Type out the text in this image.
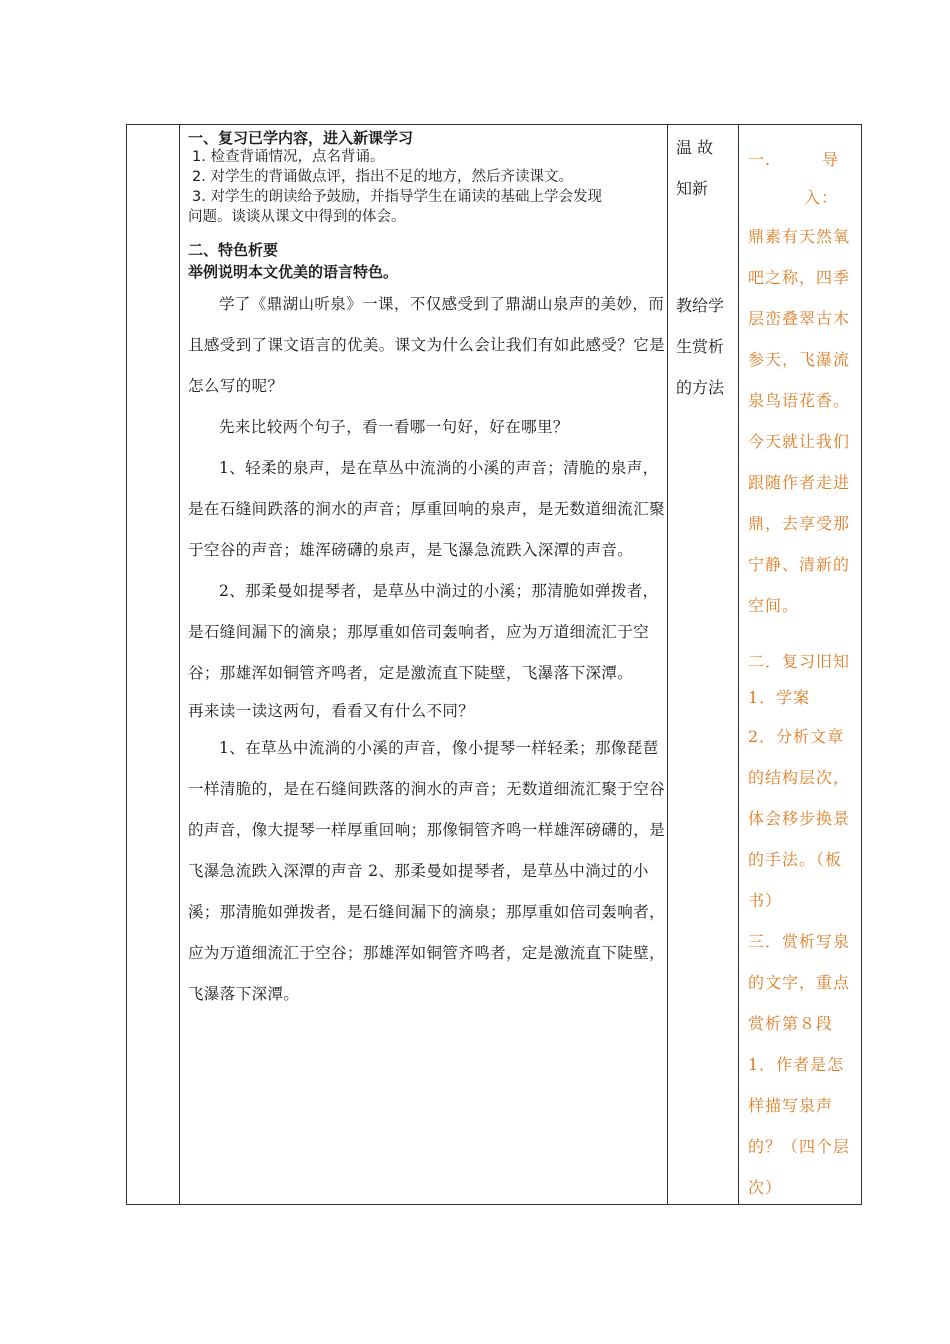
一、复习已学内容，进入新课学习

1. 检查背诵情况，点名背诵。

2. 对学生的背诵做点评，指出不足的地方，然后齐读课文。

3. 对学生的朗读给予鼓励，并指导学生在诵读的基础上学会发现

问题。谈谈从课文中得到的体会。

二、特色析要

举例说明本文优美的语言特色。

学了《鼎湖山听泉》一课，不仅感受到了鼎湖山泉声的美妙，而且感受到了课文语言的优美。课文为什么会让我们有如此感受？它是怎么写的呢？

先来比较两个句子，看一看哪一句好，好在哪里？

1、轻柔的泉声，是在草丛中流淌的小溪的声音；清脆的泉声，是在石缝间跌落的涧水的声音；厚重回响的泉声，是无数道细流汇聚于空谷的声音；雄浑磅礴的泉声，是飞瀑急流跌入深潭的声音。

2、那柔曼如提琴者，是草丛中淌过的小溪；那清脆如弹拨者，是石缝间漏下的滴泉；那厚重如倍司轰响者，应为万道细流汇于空谷；那雄浑如铜管齐鸣者，定是激流直下陡壁，飞瀑落下深潭。

再来读一读这两句，看看又有什么不同？

1、在草丛中流淌的小溪的声音，像小提琴一样轻柔；那像琵琶一样清脆的，是在石缝间跌落的涧水的声音；无数道细流汇聚于空谷的声音，像大提琴一样厚重回响；那像铜管齐鸣一样雄浑磅礴的，是飞瀑急流跌入深潭的声音 2、那柔曼如提琴者，是草丛中淌过的小溪；那清脆如弹拨者，是石缝间漏下的滴泉；那厚重如倍司轰响者，应为万道细流汇于空谷；那雄浑如铜管齐鸣者，定是激流直下陡壁，飞瀑落下深潭。

温 故

知新

教给学

生赏析

的方法

一.　　　导

入：

鼎素有天然氧吧之称，四季层峦叠翠古木参天，飞瀑流泉鸟语花香。今天就让我们跟随作者走进鼎，去享受那宁静、清新的空间。

二．复习旧知

1．学案

2．分析文章的结构层次，体会移步换景的手法。（板书）

三．赏析写泉的文字，重点赏析第８段

1．作者是怎样描写泉声的？（四个层次）
